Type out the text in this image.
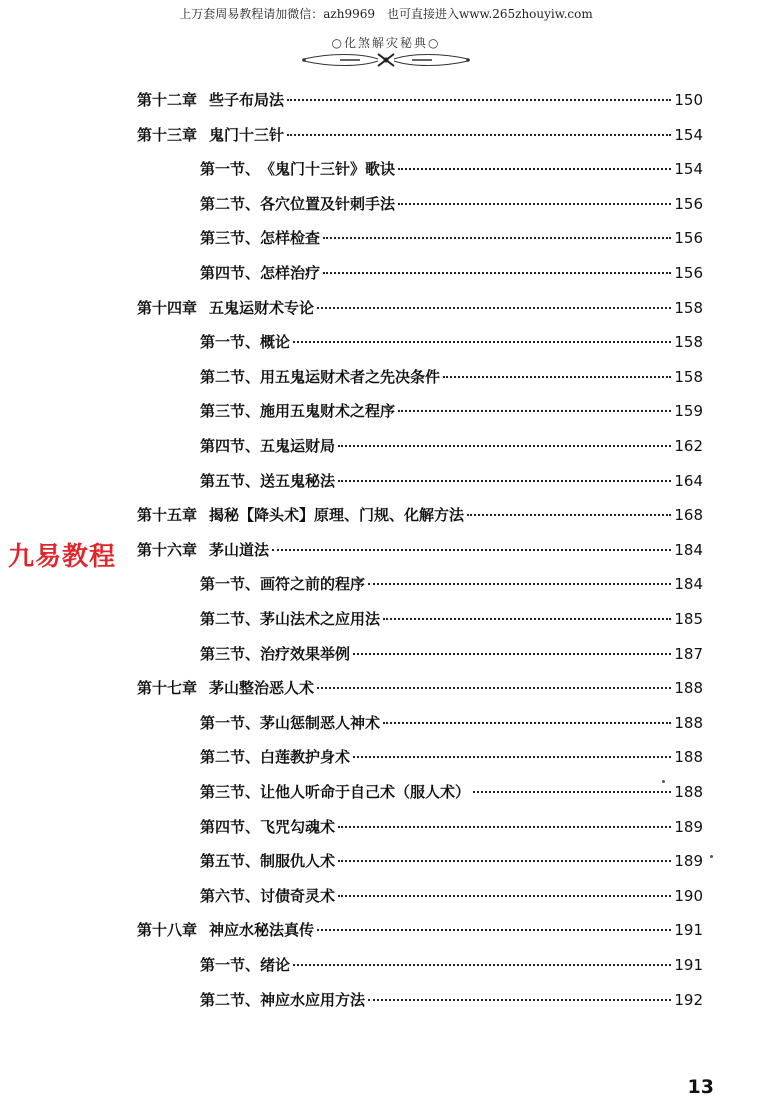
上万套周易教程请加微信：azh9969　也可直接进入www.265zhouyiw.com
○化煞解灾秘典○
第十二章 些子布局法	150
第十三章 鬼门十三针	154
第一节 、 《鬼门十三针》歌诀	154
第二节 、 各穴位置及针刺手法	156
第三节 、 怎样检查	156
第四节 、 怎样治疗	156
第十四章 五鬼运财术专论	158
第一节 、 概论	158
第二节 、 用五鬼运财术者之先决条件	158
第三节 、 施用五鬼财术之程序	159
第四节 、 五鬼运财局	162
第五节 、 送五鬼秘法	164
第十五章 揭秘【降头术】原理、门规、化解方法	168
第十六章 茅山道法	184
第一节 、 画符之前的程序	184
第二节 、 茅山法术之应用法	185
第三节 、 治疗效果举例	187
第十七章 茅山整治恶人术	188
第一节 、 茅山惩制恶人神术	188
第二节 、 白莲教护身术	188
第三节 、 让他人听命于自己术（服人术）	188
第四节 、 飞咒勾魂术	189
第五节 、 制服仇人术	189
第六节 、 讨债奇灵术	190
第十八章 神应水秘法真传	191
第一节 、 绪论	191
第二节 、 神应水应用方法	192
九易教程
13
